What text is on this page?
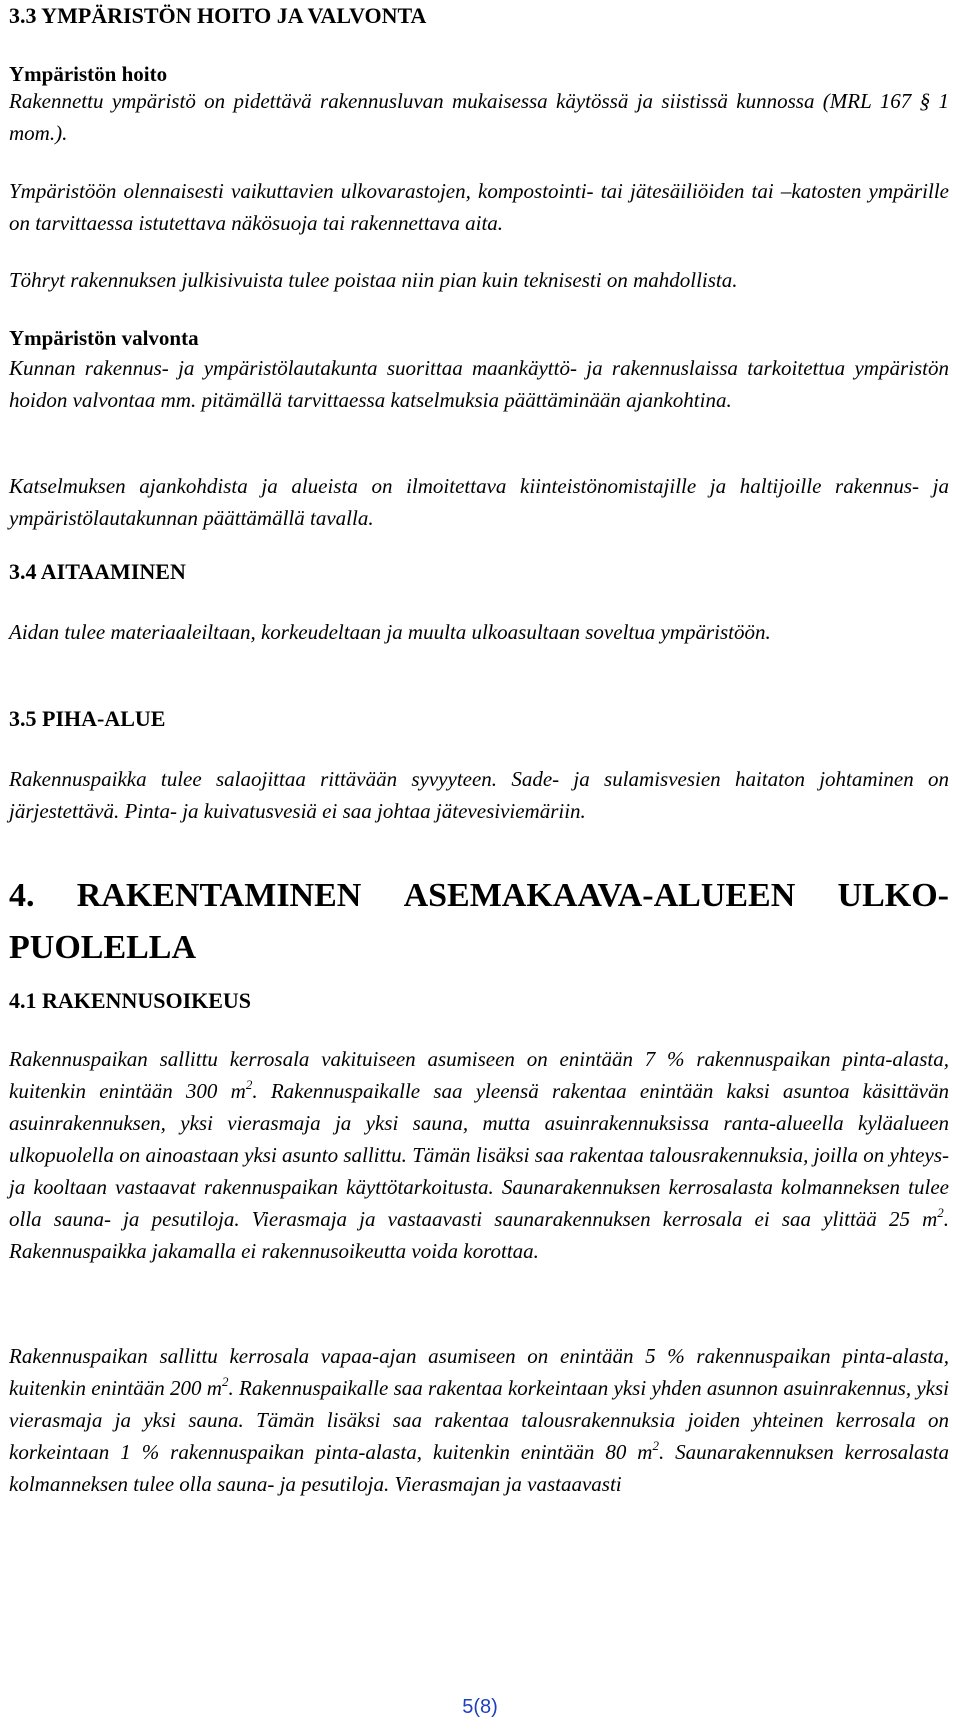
3.3 YMPÄRISTÖN HOITO JA VALVONTA
Ympäristön hoito

Rakennettu ympäristö on pidettävä rakennusluvan mukaisessa käytössä ja siistissä kunnossa (MRL 167 § 1 mom.).

Ympäristöön olennaisesti vaikuttavien ulkovarastojen, kompostointi- tai jätesäiliöiden tai –katosten ympärille on tarvittaessa istutettava näkösuoja tai rakennettava aita.

Töhryt rakennuksen julkisivuista tulee poistaa niin pian kuin teknisesti on mahdollista.

Ympäristön valvonta

Kunnan rakennus- ja ympäristölautakunta suorittaa maankäyttö- ja rakennuslaissa tarkoitettua ympäristön hoidon valvontaa mm. pitämällä tarvittaessa katselmuksia päättäminään ajankohtina.

Katselmuksen ajankohdista ja alueista on ilmoitettava kiinteistönomistajille ja haltijoille rakennus- ja ympäristölautakunnan päättämällä tavalla.

3.4 AITAAMINEN

Aidan tulee materiaaleiltaan, korkeudeltaan ja muulta ulkoasultaan soveltua ympäristöön.

3.5 PIHA-ALUE

Rakennuspaikka tulee salaojittaa rittävään syvyyteen. Sade- ja sulamisvesien haitaton johtaminen on järjestettävä. Pinta- ja kuivatusvesiä ei saa johtaa jätevesiviemäriin.

4. RAKENTAMINEN ASEMAKAAVA-ALUEEN ULKO-
PUOLELLA
4.1 RAKENNUSOIKEUS

Rakennuspaikan sallittu kerrosala vakituiseen asumiseen on enintään 7 % rakennuspaikan pinta-alasta, kuitenkin enintään 300 $m^2$. Rakennuspaikalle saa yleensä rakentaa enintään kaksi asuntoa käsittävän asuinrakennuksen, yksi vierasmaja ja yksi sauna, mutta asuinrakennuksissa ranta-alueella kyläalueen ulkopuolella on ainoastaan yksi asunto sallittu. Tämän lisäksi saa rakentaa talousrakennuksia, joilla on yhteys- ja kooltaan vastaavat rakennuspaikan käyttötarkoitusta. Saunarakennuksen kerrosalasta kolmanneksen tulee olla sauna- ja pesutiloja. Vierasmaja ja vastaavasti saunarakennuksen kerrosala ei saa ylittää 25 $m^2$. Rakennuspaikka jakamalla ei rakennusoikeutta voida korottaa.

Rakennuspaikan sallittu kerrosala vapaa-ajan asumiseen on enintään 5 % rakennuspaikan pinta-alasta, kuitenkin enintään 200 $m^2$. Rakennuspaikalle saa rakentaa korkeintaan yksi yhden asunnon asuinrakennus, yksi vierasmaja ja yksi sauna. Tämän lisäksi saa rakentaa talousrakennuksia joiden yhteinen kerrosala on korkeintaan 1 % rakennuspaikan pinta-alasta, kuitenkin enintään 80 $m^2$. Saunarakennuksen kerrosalasta kolmanneksen tulee olla sauna- ja pesutiloja. Vierasmajan ja vastaavasti

5(8)
